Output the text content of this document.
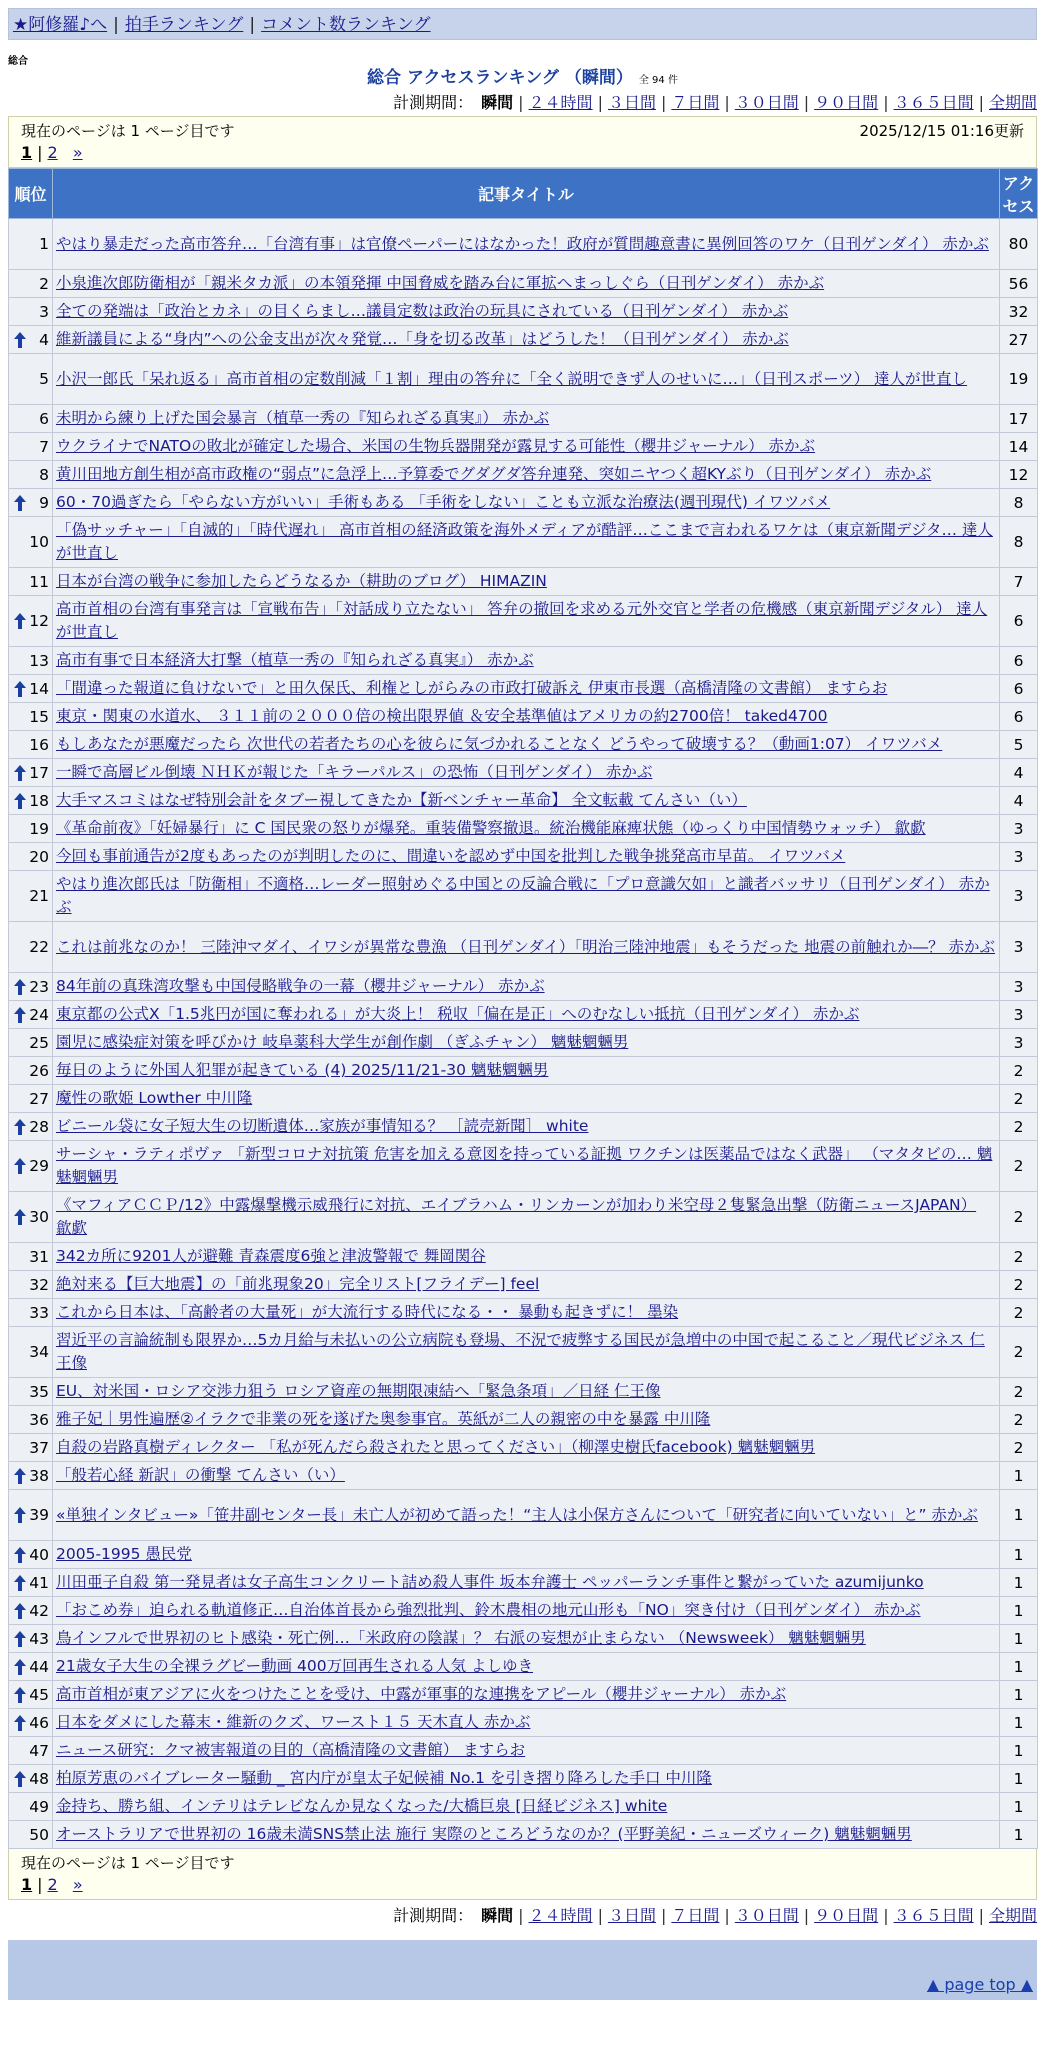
★阿修羅♪へ | 拍手ランキング | コメント数ランキング
総合
総合 アクセスランキング （瞬間） 全 94 件
計測期間： 瞬間 | ２４時間 | ３日間 | ７日間 | ３０日間 | ９０日間 | ３６５日間 | 全期間
現在のページは 1 ページ目です	2025/12/15 01:16更新
1 | 2 »
順位	記事タイトル	アクセス
1	やはり暴走だった高市答弁…「台湾有事」は官僚ペーパーにはなかった！政府が質問趣意書に異例回答のワケ（日刊ゲンダイ） 赤かぶ	80
2	小泉進次郎防衛相が「親米タカ派」の本領発揮 中国脅威を踏み台に軍拡へまっしぐら（日刊ゲンダイ） 赤かぶ	56
3	全ての発端は「政治とカネ」の目くらまし…議員定数は政治の玩具にされている（日刊ゲンダイ） 赤かぶ	32

4	維新議員による“身内”への公金支出が次々発覚…「身を切る改革」はどうした！（日刊ゲンダイ） 赤かぶ	27
5	小沢一郎氏「呆れ返る」高市首相の定数削減「１割」理由の答弁に「全く説明できず人のせいに…」（日刊スポーツ） 達人が世直し	19
6	未明から練り上げた国会暴言（植草一秀の『知られざる真実』） 赤かぶ	17
7	ウクライナでNATOの敗北が確定した場合、米国の生物兵器開発が露見する可能性（櫻井ジャーナル） 赤かぶ	14
8	黄川田地方創生相が高市政権の“弱点”に急浮上…予算委でグダグダ答弁連発、突如ニヤつく超KYぶり（日刊ゲンダイ） 赤かぶ	12

9	60・70過ぎたら「やらない方がいい」手術もある 「手術をしない」ことも立派な治療法(週刊現代) イワツバメ	8
10	「偽サッチャー」「自滅的」「時代遅れ」 高市首相の経済政策を海外メディアが酷評…ここまで言われるワケは（東京新聞デジタ… 達人が世直し	8
11	日本が台湾の戦争に参加したらどうなるか（耕助のブログ） HIMAZIN	7

12	高市首相の台湾有事発言は「宣戦布告」「対話成り立たない」 答弁の撤回を求める元外交官と学者の危機感（東京新聞デジタル） 達人が世直し	6
13	高市有事で日本経済大打撃（植草一秀の『知られざる真実』） 赤かぶ	6

14	「間違った報道に負けないで」と田久保氏、利権としがらみの市政打破訴え 伊東市長選（高橋清隆の文書館） ますらお	6
15	東京・関東の水道水、 ３１１前の２０００倍の検出限界値 ＆安全基準値はアメリカの約2700倍！ taked4700	6
16	もしあなたが悪魔だったら 次世代の若者たちの心を彼らに気づかれることなく どうやって破壊する？（動画1:07） イワツバメ	5

17	一瞬で高層ビル倒壊 ＮＨＫが報じた「キラーパルス」の恐怖（日刊ゲンダイ） 赤かぶ	4

18	大手マスコミはなぜ特別会計をタブー視してきたか【新ベンチャー革命】 全文転載 てんさい（い）	4
19	《革命前夜》「妊婦暴行」に C 国民衆の怒りが爆発。重装備警察撤退。統治機能麻痺状態（ゆっくり中国情勢ウォッチ） 歙歔	3
20	今回も事前通告が2度もあったのが判明したのに、間違いを認めず中国を批判した戦争挑発高市早苗。 イワツバメ	3
21	やはり進次郎氏は「防衛相」不適格…レーダー照射めぐる中国との反論合戦に「プロ意識欠如」と識者バッサリ（日刊ゲンダイ） 赤かぶ	3
22	これは前兆なのか！ 三陸沖マダイ、イワシが異常な豊漁 （日刊ゲンダイ）「明治三陸沖地震」もそうだった 地震の前触れか―？ 赤かぶ	3

23	84年前の真珠湾攻撃も中国侵略戦争の一幕（櫻井ジャーナル） 赤かぶ	3

24	東京都の公式X「1.5兆円が国に奪われる」が大炎上！ 税収「偏在是正」へのむなしい抵抗（日刊ゲンダイ） 赤かぶ	3
25	園児に感染症対策を呼びかけ 岐阜薬科大学生が創作劇 （ぎふチャン） 魑魅魍魎男	3
26	毎日のように外国人犯罪が起きている (4) 2025/11/21-30 魑魅魍魎男	2
27	魔性の歌姫 Lowther 中川隆	2

28	ビニール袋に女子短大生の切断遺体…家族が事情知る？ ［読売新聞］ white	2

29	サーシャ・ラティポヴァ 「新型コロナ対抗策 危害を加える意図を持っている証拠 ワクチンは医薬品ではなく武器」 （マタタビの… 魑魅魍魎男	2

30	《マフィアＣＣＰ/12》中露爆撃機示威飛行に対抗、エイブラハム・リンカーンが加わり米空母２隻緊急出撃（防衛ニュースJAPAN） 歙歔	2
31	342カ所に9201人が避難 青森震度6強と津波警報で 舞岡関谷	2
32	絶対来る【巨大地震】の「前兆現象20」完全リスト[フライデー] feel	2
33	これから日本は、「高齢者の大量死」が大流行する時代になる・・ 暴動も起きずに！ 墨染	2
34	習近平の言論統制も限界か…5カ月給与未払いの公立病院も登場、不況で疲弊する国民が急増中の中国で起こること／現代ビジネス 仁王像	2
35	EU、対米国・ロシア交渉力狙う ロシア資産の無期限凍結へ「緊急条項」／日経 仁王像	2
36	雅子妃｜男性遍歴②イラクで非業の死を遂げた奥参事官。英紙が二人の親密の中を暴露 中川隆	2
37	自殺の岩路真樹ディレクター 「私が死んだら殺されたと思ってください」（柳澤史樹氏facebook) 魑魅魍魎男	2

38	「般若心経 新訳」の衝撃 てんさい（い）	1

39	«単独インタビュー»「笹井副センター長」未亡人が初めて語った！“主人は小保方さんについて「研究者に向いていない」と” 赤かぶ	1

40	2005-1995 愚民党	1

41	川田亜子自殺 第一発見者は女子高生コンクリート詰め殺人事件 坂本弁護士 ペッパーランチ事件と繋がっていた azumijunko	1

42	「おこめ券」迫られる軌道修正…自治体首長から強烈批判、鈴木農相の地元山形も「NO」突き付け（日刊ゲンダイ） 赤かぶ	1

43	鳥インフルで世界初のヒト感染・死亡例…「米政府の陰謀」？ 右派の妄想が止まらない （Newsweek） 魑魅魍魎男	1

44	21歳女子大生の全裸ラグビー動画 400万回再生される人気 よしゆき	1

45	高市首相が東アジアに火をつけたことを受け、中露が軍事的な連携をアピール（櫻井ジャーナル） 赤かぶ	1

46	日本をダメにした幕末・維新のクズ、ワースト１５ 天木直人 赤かぶ	1
47	ニュース研究：クマ被害報道の目的（高橋清隆の文書館） ますらお	1

48	柏原芳恵のバイブレーター騒動 _ 宮内庁が皇太子妃候補 No.1 を引き摺り降ろした手口 中川隆	1
49	金持ち、勝ち組、インテリはテレビなんか見なくなった/大橋巨泉 [日経ビジネス] white	1
50	オーストラリアで世界初の 16歳未満SNS禁止法 施行 実際のところどうなのか？(平野美紀・ニューズウィーク) 魑魅魍魎男	1
現在のページは 1 ページ目です
1 | 2 »
計測期間： 瞬間 | ２４時間 | ３日間 | ７日間 | ３０日間 | ９０日間 | ３６５日間 | 全期間
▲ page top ▲
